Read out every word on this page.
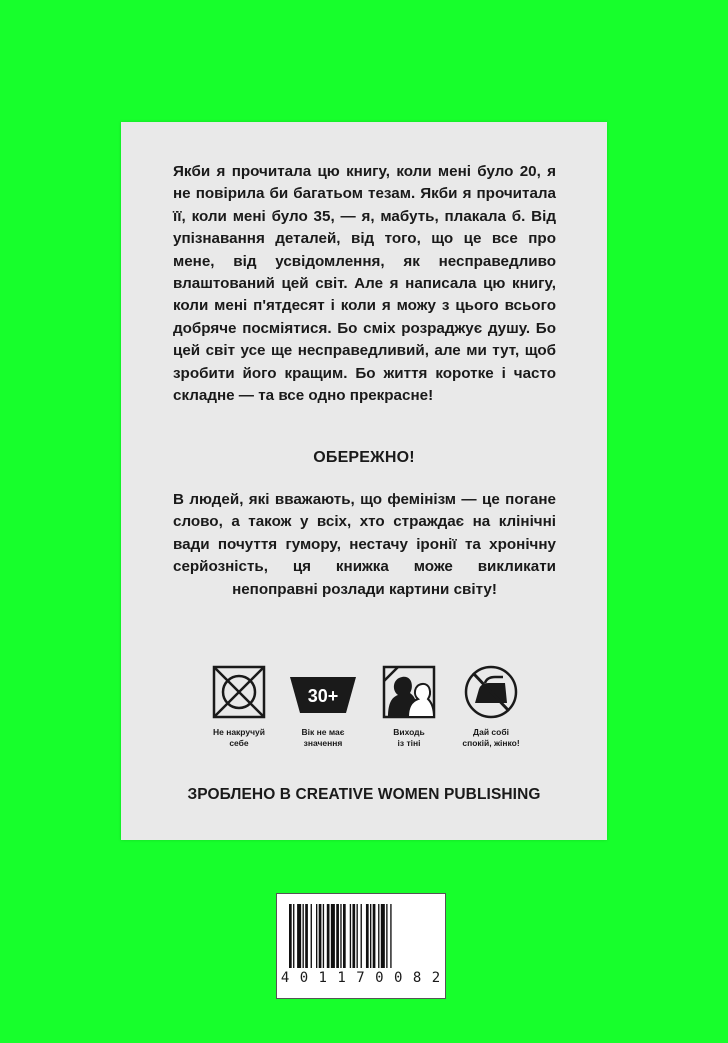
Якби я прочитала цю книгу, коли мені було 20, я не повірила би багатьом тезам. Якби я прочитала її, коли мені було 35, — я, мабуть, плакала б. Від упізнавання деталей, від того, що це все про мене, від усвідомлення, як несправедливо влаштований цей світ. Але я написала цю книгу, коли мені п'ятдесят і коли я можу з цього всього добряче посміятися. Бо сміх розраджує душу. Бо цей світ усе ще несправедливий, але ми тут, щоб зробити його кращим. Бо життя коротке і часто складне — та все одно прекрасне!

ОБЕРЕЖНО!

В людей, які вважають, що фемінізм — це погане слово, а також у всіх, хто страждає на клінічні вади почуття гумору, нестачу іронії та хронічну серйозність, ця книжка може викликати непоправні розлади картини світу!

Не накручуй
себе
30+
Вік не має
значення
Виходь
із тіні
Дай собі
спокій, жінко!
ЗРОБЛЕНО В CREATIVE WOMEN PUBLISHING
4 0 1 1 7 0 0 8 2
